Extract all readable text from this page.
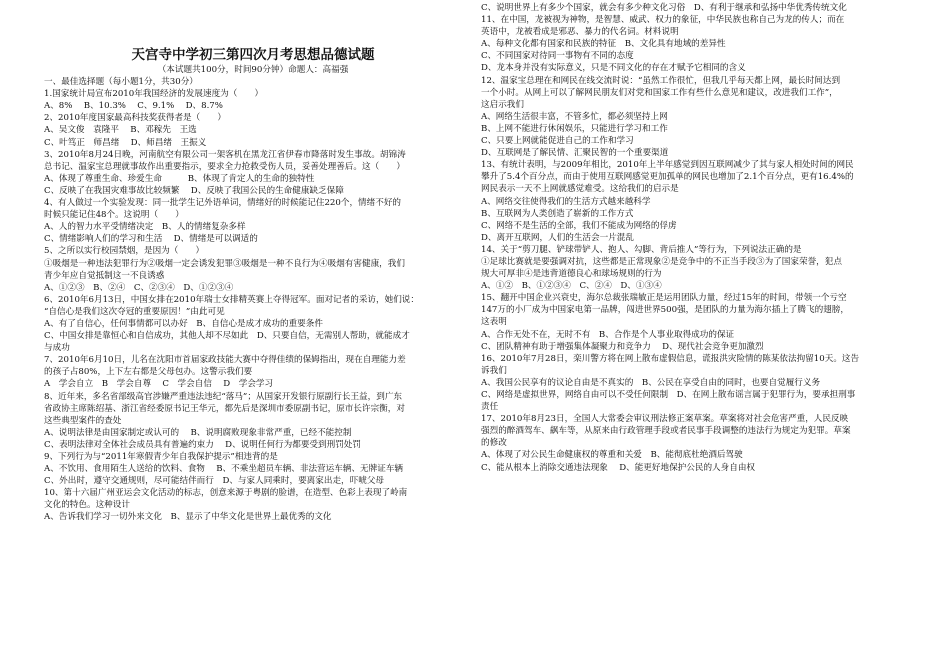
天宫寺中学初三第四次月考思想品德试题
（本试题共100分，时间90分钟）命题人：高福强
一、最佳选择题（每小题1分，共30分）
1.国家统计局宣布2010年我国经济的发展速度为（　　）
A、8%　 B、10.3%　 C、9.1%　 D、8.7%
2、2010年度国家最高科技奖获得者是（　　）
A、吴文俊　袁隆平　 B、邓稼先　王选
C、叶笃正　师昌绪　 D、师昌绪　王振义
3、2010年8月24日晚，河南航空有限公司一架客机在黑龙江省伊春市降落时发生事故。胡锦涛
总书记、温家宝总理就事故作出重要指示，要求全力抢救受伤人员，妥善处理善后。这（　　）
A、体现了尊重生命、珍爱生命　　　B、体现了肯定人的生命的独特性
C、反映了在我国灾难事故比较频繁　 D、反映了我国公民的生命健康缺乏保障
4、有人做过一个实验发现：同一批学生记外语单词，情绪好的时候能记住220个，情绪不好的
时候只能记住48个。这说明（　　）
A、人的智力水平受情绪决定　B、人的情绪复杂多样
C、情绪影响人们的学习和生活　 D、情绪是可以调适的
5、之所以实行校园禁烟，是因为（　　）
①吸烟是一种违法犯罪行为②吸烟一定会诱发犯罪③吸烟是一种不良行为④吸烟有害健康，我们
青少年应自觉抵制这一不良诱惑
A、①②③　B、②④　C、②③④　D、①②③④
6、2010年6月13日，中国女排在2010年瑞士女排精英赛上夺得冠军。面对记者的采访，她们说：
“自信心是我们这次夺冠的重要原因！”由此可见
A、有了自信心，任何事情都可以办好　B、自信心是成才成功的重要条件
C、中国女排是靠恒心和自信成功，其他人却不尽如此　D、只要自信，无需别人帮助，就能成才
与成功
7、2010年6月10日，儿名在沈阳市首届家政技能大赛中夺得佳绩的保姆指出，现在自理能力差
的孩子占80%，上下左右都是父母包办。这警示我们要
A　学会自立　B　学会自尊　 C　学会自信　 D　学会学习
8、近年来，多名省部级高官涉嫌严重违法违纪“落马”；从国家开发银行原副行长王益，到广东
省政协主席陈绍基、浙江省经委原书记王华元，都先后是深圳市委原副书记，原市长许宗衡，对
这些典型案件的查处
A、说明法律是由国家制定或认可的　 B、说明腐败现象非常严重，已经不能控制
C、表明法律对全体社会成员具有普遍约束力　 D、说明任何行为都要受到刑罚处罚
9、下列行为与“2011年寒假青少年自我保护提示”相违背的是
A、不饮用、食用陌生人送给的饮料、食物　 B、不乘坐超员车辆、非法营运车辆、无牌证车辆
C、外出时，遵守交通规则，尽可能结伴而行　D、与家人同乘时，要离家出走，吓唬父母
10、第十六届广州亚运会文化活动的标志，创意来源于粤剧的脸谱，在造型、色彩上表现了岭南
文化的特色。这种设计
A、告诉我们学习一切外来文化　B、显示了中华文化是世界上最优秀的文化
C、说明世界上有多少个国家，就会有多少种文化习俗　D、有利于继承和弘扬中华优秀传统文化
11、在中国，龙被视为神物，是智慧、威武、权力的象征，中华民族也称自己为龙的传人；而在
英语中，龙被看成是邪恶、暴力的代名词。材料说明
A、每种文化都有国家和民族的特征　B、文化具有地域的差异性
C、不同国家对待同一事物有不同的态度
D、龙本身并没有实际意义，只是不同文化的存在才赋予它相同的含义
12、温家宝总理在和网民在线交流时说：“虽然工作很忙，但我几乎每天都上网，最长时间达到
一个小时。从网上可以了解网民朋友们对党和国家工作有些什么意见和建议，改进我们工作”，
这启示我们
A、网络生活很丰富，不管多忙，都必须坚持上网
B、上网不能进行休闲娱乐，只能进行学习和工作
C、只要上网就能促进自己的工作和学习
D、互联网是了解民情、汇聚民智的一个重要渠道
13、有统计表明，与2009年相比，2010年上半年感觉到因互联网减少了其与家人相处时间的网民
攀升了5.4个百分点，而由于使用互联网感觉更加孤单的网民也增加了2.1个百分点，更有16.4%的
网民表示一天不上网就感觉难受。这给我们的启示是
A、网络交往使得我们的生活方式越来越科学
B、互联网为人类创造了崭新的工作方式
C、网络不是生活的全部，我们不能成为网络的俘虏
D、离开互联网，人们的生活会一片混乱
14、关于“剪刀腿、铲球带铲人、抱人、勾脚、背后推人”等行为，下列说法正确的是
①足球比赛就是要强调对抗，这些都是正常现象②是竞争中的不正当手段③为了国家荣誉，犯点
规大可厚非④是违背道德良心和球场规则的行为
A、①②　B、①②③④　C、②④　D、①③④
15、翻开中国企业兴衰史，海尔总裁张瑞敏正是运用团队力量，经过15年的时间，带领一个亏空
147万的小厂成为中国家电第一品牌，闯进世界500强，是团队的力量为海尔插上了腾飞的翅膀，
这表明
A、合作无处不在，无时不有　B、合作是个人事业取得成功的保证
C、团队精神有助于增强集体凝聚力和竞争力　 D、现代社会竞争更加激烈
16、2010年7月28日，栾川警方将在网上散布虚假信息，谎报洪灾险情的陈某依法拘留10天。这告
诉我们
A、我国公民享有的议论自由是不真实的　B、公民在享受自由的同时，也要自觉履行义务
C、网络是虚拟世界，网络自由可以不受任何限制　D、在网上散布谣言属于犯罪行为，要承担刑事
责任
17、2010年8月23日，全国人大常委会审议刑法修正案草案。草案将对社会危害严重，人民反映
强烈的醉酒驾车、飙车等，从原来由行政管理手段或者民事手段调整的违法行为规定为犯罪。草案
的修改
A、体现了对公民生命健康权的尊重和关爱　B、能彻底杜绝酒后驾驶
C、能从根本上消除交通违法现象　 D、能更好地保护公民的人身自由权
